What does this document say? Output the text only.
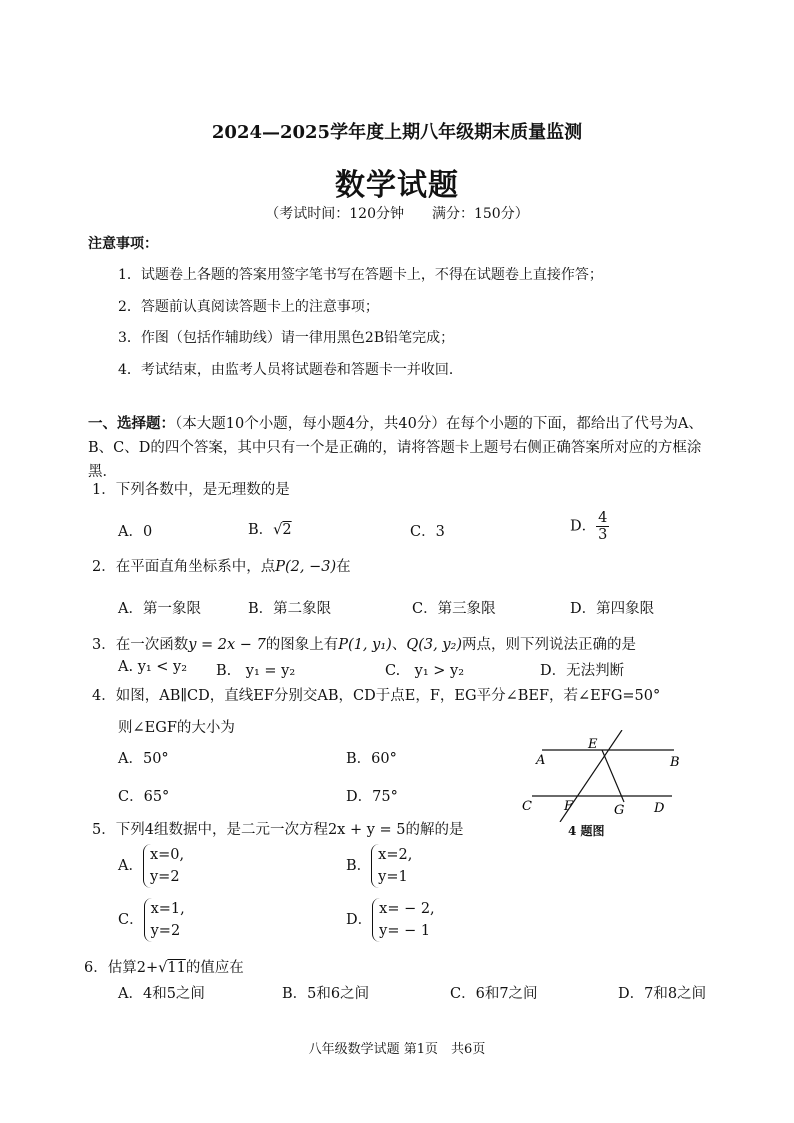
2024—2025学年度上期八年级期末质量监测
数学试题
（考试时间：120分钟　　满分：150分）
注意事项：
1．试题卷上各题的答案用签字笔书写在答题卡上，不得在试题卷上直接作答；
2．答题前认真阅读答题卡上的注意事项；
3．作图（包括作辅助线）请一律用黑色2B铅笔完成；
4．考试结束，由监考人员将试题卷和答题卡一并收回．
一、选择题：（本大题10个小题，每小题4分，共40分）在每个小题的下面，都给出了代号为A、B、C、D的四个答案，其中只有一个是正确的，请将答题卡上题号右侧正确答案所对应的方框涂黑．
1．下列各数中，是无理数的是
A．0	B．√2	C．3	D． $\frac{4}{3}$
2．在平面直角坐标系中，点P(2, −3)在
A．第一象限	B．第二象限	C．第三象限	D．第四象限
3．在一次函数y = 2x − 7的图象上有P(1, y₁)、Q(3, y₂)两点，则下列说法正确的是
A. y₁ < y₂ B.　y₁ = y₂	C.　y₁ > y₂	D．无法判断
4．如图，AB∥CD，直线EF分别交AB，CD于点E，F，EG平分∠BEF，若∠EFG=50°
则∠EGF的大小为
A．50°	B．60°
C．65°	D．75°
E
A	B
C F	G D
4 题图
5．下列4组数据中，是二元一次方程2x + y = 5的解的是
A．
x=0,
y=2
B．
x=2,
y=1
C．
x=1,
y=2
D．
x= − 2,
y= − 1
6．估算2+√11的值应在
A．4和5之间	B．5和6之间	C．6和7之间	D．7和8之间
八年级数学试题 第1页　共6页
